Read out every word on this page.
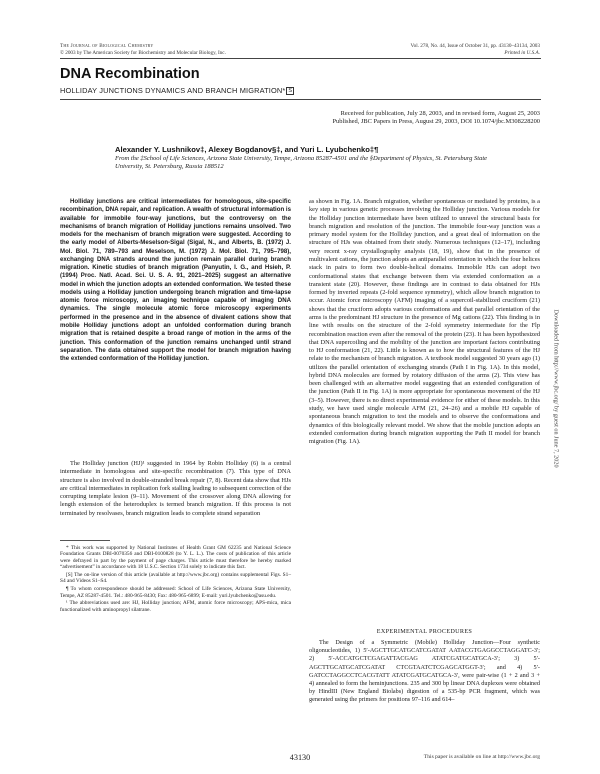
The Journal of Biological Chemistry
© 2003 by The American Society for Biochemistry and Molecular Biology, Inc.
Vol. 278, No. 44, Issue of October 31, pp. 43130–43134, 2003
Printed in U.S.A.
DNA Recombination
HOLLIDAY JUNCTIONS DYNAMICS AND BRANCH MIGRATION* S
Received for publication, July 28, 2003, and in revised form, August 25, 2003
Published, JBC Papers in Press, August 29, 2003, DOI 10.1074/jbc.M308228200
Alexander Y. Lushnikov‡, Alexey Bogdanov§‡, and Yuri L. Lyubchenko‡¶
From the ‡School of Life Sciences, Arizona State University, Tempe, Arizona 85287-4501 and the §Department of Physics, St. Petersburg State University, St. Petersburg, Russia 188512

Holliday junctions are critical intermediates for homologous, site-specific recombination, DNA repair, and replication. A wealth of structural information is available for immobile four-way junctions, but the controversy on the mechanisms of branch migration of Holliday junctions remains unsolved. Two models for the mechanism of branch migration were suggested. According to the early model of Alberts-Meselson-Sigal (Sigal, N., and Alberts, B. (1972) J. Mol. Biol. 71, 789–793 and Meselson, M. (1972) J. Mol. Biol. 71, 795–798), exchanging DNA strands around the junction remain parallel during branch migration. Kinetic studies of branch migration (Panyutin, I. G., and Hsieh, P. (1994) Proc. Natl. Acad. Sci. U. S. A. 91, 2021–2025) suggest an alternative model in which the junction adopts an extended conformation. We tested these models using a Holliday junction undergoing branch migration and time-lapse atomic force microscopy, an imaging technique capable of imaging DNA dynamics. The single molecule atomic force microscopy experiments performed in the presence and in the absence of divalent cations show that mobile Holliday junctions adopt an unfolded conformation during branch migration that is retained despite a broad range of motion in the arms of the junction. This conformation of the junction remains unchanged until strand separation. The data obtained support the model for branch migration having the extended conformation of the Holliday junction.

The Holliday junction (HJ)¹ suggested in 1964 by Robin Holliday (6) is a central intermediate in homologous and site-specific recombination (7). This type of DNA structure is also involved in double-stranded break repair (7, 8). Recent data show that HJs are critical intermediates in replication fork stalling leading to subsequent correction of the corrupting template lesion (9–11). Movement of the crossover along DNA allowing for length extension of the heteroduplex is termed branch migration. If this process is not terminated by resolvases, branch migration leads to complete strand separation

* This work was supported by National Institutes of Health Grant GM 62235 and National Science Foundation Grants DBI-0070356 and DBI-0100828 (to Y. L. L.). The costs of publication of this article were defrayed in part by the payment of page charges. This article must therefore be hereby marked “advertisement” in accordance with 18 U.S.C. Section 1734 solely to indicate this fact.

[S] The on-line version of this article (available at http://www.jbc.org) contains supplemental Figs. S1–S4 and Videos S1–S4.

¶ To whom correspondence should be addressed: School of Life Sciences, Arizona State University, Tempe, AZ 85287-4501. Tel.: 480-965-8430; Fax: 480-965-6899; E-mail: yuri.lyubchenko@asu.edu.

¹ The abbreviations used are: HJ, Holliday junction; AFM, atomic force microscopy; APS-mica, mica functionalized with aminopropyl silatrane.

as shown in Fig. 1A. Branch migration, whether spontaneous or mediated by proteins, is a key step in various genetic processes involving the Holliday junction. Various models for the Holliday junction intermediate have been utilized to unravel the structural basis for branch migration and resolution of the junction. The immobile four-way junction was a primary model system for the Holliday junction, and a great deal of information on the structure of HJs was obtained from their study. Numerous techniques (12–17), including very recent x-ray crystallography analysis (18, 19), show that in the presence of multivalent cations, the junction adopts an antiparallel orientation in which the four helices stack in pairs to form two double-helical domains. Immobile HJs can adopt two conformational states that exchange between them via extended conformation as a transient state (20). However, these findings are in contrast to data obtained for HJs formed by inverted repeats (2-fold sequence symmetry), which allow branch migration to occur. Atomic force microscopy (AFM) imaging of a supercoil-stabilized cruciform (21) shows that the cruciform adopts various conformations and that parallel orientation of the arms is the predominant HJ structure in the presence of Mg cations (22). This finding is in line with results on the structure of the 2-fold symmetry intermediate for the Flp recombination reaction even after the removal of the protein (23). It has been hypothesized that DNA supercoiling and the mobility of the junction are important factors contributing to HJ conformation (21, 22). Little is known as to how the structural features of the HJ relate to the mechanism of branch migration. A textbook model suggested 30 years ago (1) utilizes the parallel orientation of exchanging strands (Path I in Fig. 1A). In this model, hybrid DNA molecules are formed by rotatory diffusion of the arms (2). This view has been challenged with an alternative model suggesting that an extended configuration of the junction (Path II in Fig. 1A) is more appropriate for spontaneous movement of the HJ (3–5). However, there is no direct experimental evidence for either of these models. In this study, we have used single molecule AFM (21, 24–26) and a mobile HJ capable of spontaneous branch migration to test the models and to observe the conformations and dynamics of this biologically relevant model. We show that the mobile junction adopts an extended conformation during branch migration supporting the Path II model for branch migration (Fig. 1A).

EXPERIMENTAL PROCEDURES

The Design of a Symmetric (Mobile) Holliday Junction—Four synthetic oligonucleotides, 1) 5′-AGCTTGCATGCATCGATAT AATACGTGAGGCCTAGGATC-3′; 2) 5′-ACCATGCTCGAGATTACGAG ATATCGATGCATGCA-3′; 3) 5′-AGCTTGCATGCATCGATAT CTCGTAATCTCGAGCATGGT-3′; and 4) 5′-GATCCTAGGCCTCACGTATT ATATCGATGCATGCA-3′, were pair-wise (1 + 2 and 3 + 4) annealed to form the heminjunctions. 235 and 300 bp linear DNA duplexes were obtained by HindIII (New England Biolabs) digestion of a 535-bp PCR fragment, which was generated using the primers for positions 97–116 and 614–

43130	This paper is available on line at http://www.jbc.org
Downloaded from http://www.jbc.org/ by guest on June 7, 2020
